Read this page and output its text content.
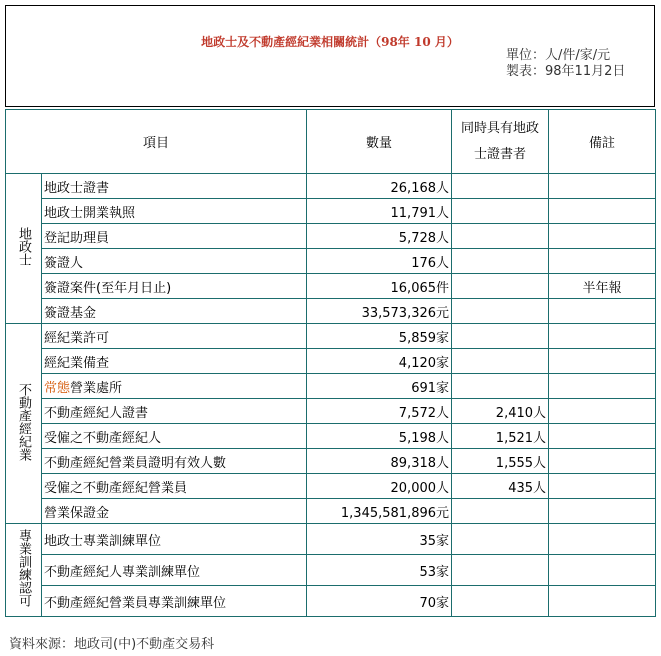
地政士及不動產經紀業相關統計（98年 10 月）
單位：人/件/家/元
製表：98年11月2日
項目		數量	同時具有地政
士證書者	備註
地政士	地政士證書	26,168人		
	地政士開業執照	11,791人		
	登記助理員	5,728人		
	簽證人	176人		
	簽證案件(至年月日止)	16,065件		半年報
	簽證基金	33,573,326元		
不動產經紀業	經紀業許可	5,859家		
	經紀業備查	4,120家		
	常態營業處所	691家		
	不動產經紀人證書	7,572人	2,410人	
	受僱之不動產經紀人	5,198人	1,521人	
	不動產經紀營業員證明有效人數	89,318人	1,555人	
	受僱之不動產經紀營業員	20,000人	435人	
	營業保證金	1,345,581,896元		
專業訓練認可	地政士專業訓練單位	35家		
	不動產經紀人專業訓練單位	53家		
	不動產經紀營業員專業訓練單位	70家		
資料來源：地政司(中)不動產交易科
